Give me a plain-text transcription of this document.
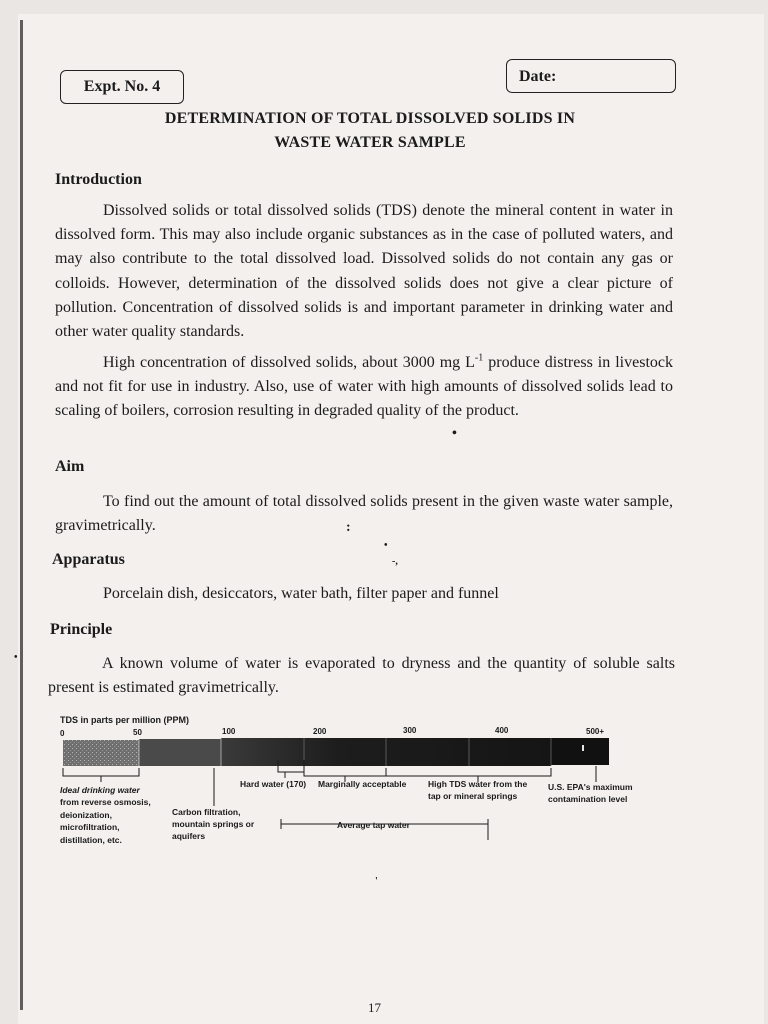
Expt. No. 4
Date:
DETERMINATION OF TOTAL DISSOLVED SOLIDS IN
WASTE WATER SAMPLE
Introduction

Dissolved solids or total dissolved solids (TDS) denote the mineral content in water in dissolved form. This may also include organic substances as in the case of polluted waters, and may also contribute to the total dissolved load. Dissolved solids do not contain any gas or colloids. However, determination of the dissolved solids does not give a clear picture of pollution. Concentration of dissolved solids is and important parameter in drinking water and other water quality standards.

High concentration of dissolved solids, about 3000 mg $L^{-1}$ produce distress in livestock and not fit for use in industry. Also, use of water with high amounts of dissolved solids lead to scaling of boilers, corrosion resulting in degraded quality of the product.

•
Aim

To find out the amount of total dissolved solids present in the given waste water sample, gravimetrically.	:
•
-,
Apparatus
Porcelain dish, desiccators, water bath, filter paper and funnel
Principle

A known volume of water is evaporated to dryness and the quantity of soluble salts present is estimated gravimetrically.

•
TDS in parts per million (PPM)
0	50	100	200	300	400	500+
Ideal drinking water
from reverse osmosis,
deionization,
microfiltration,
distillation, etc.
Carbon filtration,
mountain springs or
aquifers
Hard water (170) Marginally acceptable	High TDS water from the
tap or mineral springs
U.S. EPA's maximum
contamination level
Average tap water
'
17
